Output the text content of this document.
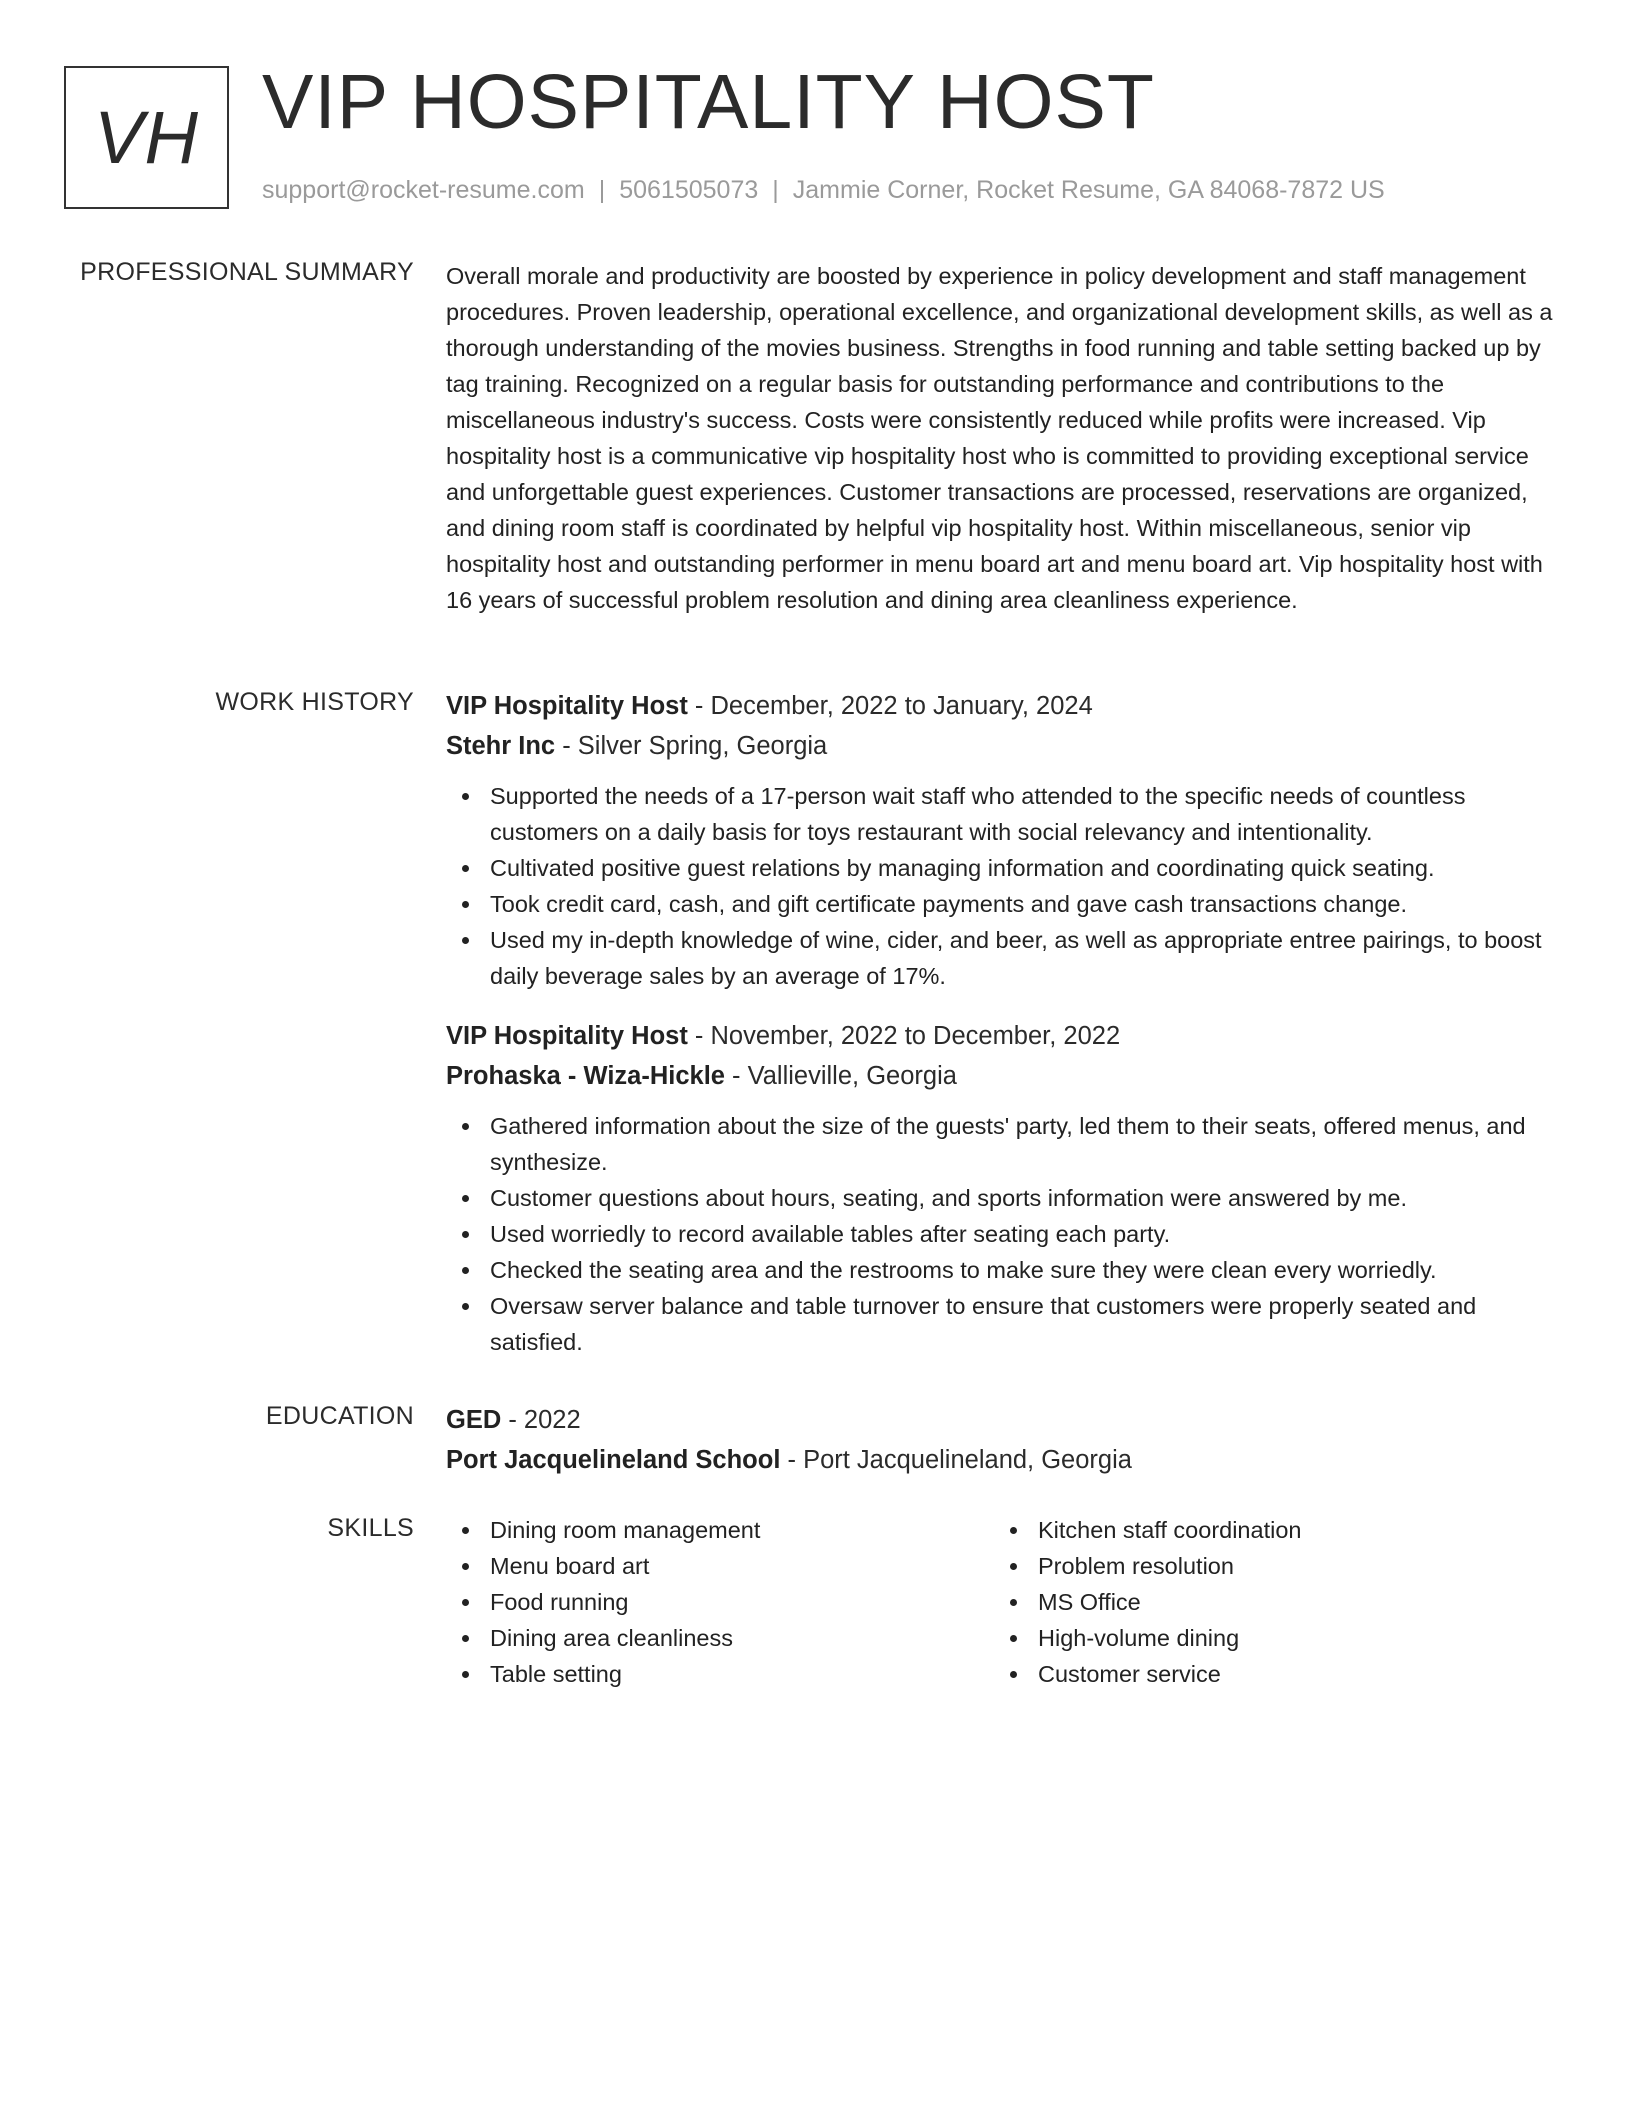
VH VIP HOSPITALITY HOST
support@rocket-resume.com | 5061505073 | Jammie Corner, Rocket Resume, GA 84068-7872 US
PROFESSIONAL SUMMARY Overall morale and productivity are boosted by experience in policy development and staff management procedures. Proven leadership, operational excellence, and organizational development skills, as well as a thorough understanding of the movies business. Strengths in food running and table setting backed up by tag training. Recognized on a regular basis for outstanding performance and contributions to the miscellaneous industry's success. Costs were consistently reduced while profits were increased. Vip hospitality host is a communicative vip hospitality host who is committed to providing exceptional service and unforgettable guest experiences. Customer transactions are processed, reservations are organized, and dining room staff is coordinated by helpful vip hospitality host. Within miscellaneous, senior vip hospitality host and outstanding performer in menu board art and menu board art. Vip hospitality host with 16 years of successful problem resolution and dining area cleanliness experience.

WORK HISTORY VIP Hospitality Host - December, 2022 to January, 2024
Stehr Inc - Silver Spring, Georgia
Supported the needs of a 17-person wait staff who attended to the specific needs of countless customers on a daily basis for toys restaurant with social relevancy and intentionality.
Cultivated positive guest relations by managing information and coordinating quick seating.
Took credit card, cash, and gift certificate payments and gave cash transactions change.
Used my in-depth knowledge of wine, cider, and beer, as well as appropriate entree pairings, to boost daily beverage sales by an average of 17%.
VIP Hospitality Host - November, 2022 to December, 2022
Prohaska - Wiza-Hickle - Vallieville, Georgia
Gathered information about the size of the guests' party, led them to their seats, offered menus, and synthesize.
Customer questions about hours, seating, and sports information were answered by me.
Used worriedly to record available tables after seating each party.
Checked the seating area and the restrooms to make sure they were clean every worriedly.
Oversaw server balance and table turnover to ensure that customers were properly seated and satisfied.
EDUCATION GED - 2022
Port Jacquelineland School - Port Jacquelineland, Georgia
SKILLS	Dining room management
Menu board art
Food running
Dining area cleanliness
Table setting
Kitchen staff coordination
Problem resolution
MS Office
High-volume dining
Customer service
